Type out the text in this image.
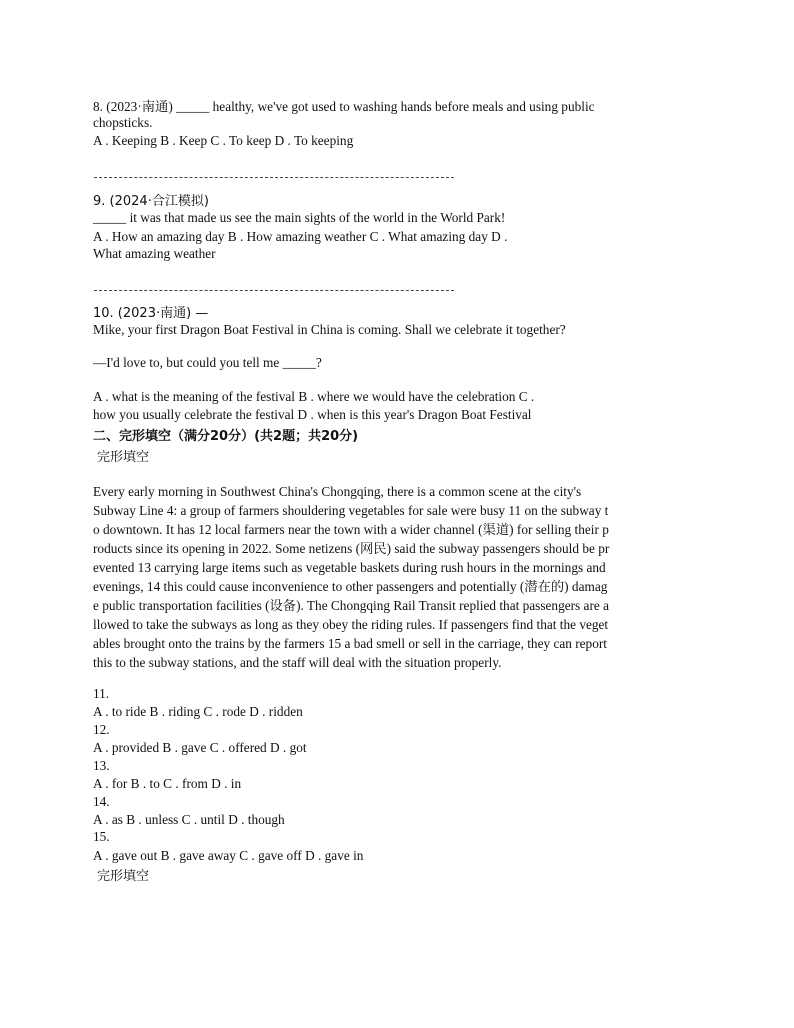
8. (2023·南通) _____ healthy, we've got used to washing hands before meals and using public
chopsticks.
A . Keeping B . Keep C . To keep D . To keeping
9. (2024·合江模拟)
_____ it was that made us see the main sights of the world in the World Park!
A . How an amazing day B . How amazing weather C . What amazing day D .
What amazing weather
10. (2023·南通) —
Mike, your first Dragon Boat Festival in China is coming. Shall we celebrate it together?
—I'd love to, but could you tell me _____?
A . what is the meaning of the festival B . where we would have the celebration C .
how you usually celebrate the festival D . when is this year's Dragon Boat Festival
二、完形填空（满分20分）(共2题；共20分)
完形填空
Every early morning in Southwest China's Chongqing, there is a common scene at the city's
Subway Line 4: a group of farmers shouldering vegetables for sale were busy 11 on the subway t
o downtown. It has 12 local farmers near the town with a wider channel (渠道) for selling their p
roducts since its opening in 2022. Some netizens (网民) said the subway passengers should be pr
evented 13 carrying large items such as vegetable baskets during rush hours in the mornings and
evenings, 14 this could cause inconvenience to other passengers and potentially (潜在的) damag
e public transportation facilities (设备). The Chongqing Rail Transit replied that passengers are a
llowed to take the subways as long as they obey the riding rules. If passengers find that the veget
ables brought onto the trains by the farmers 15 a bad smell or sell in the carriage, they can report
this to the subway stations, and the staff will deal with the situation properly.
11.
A . to ride B . riding C . rode D . ridden
12.
A . provided B . gave C . offered D . got
13.
A . for B . to C . from D . in
14.
A . as B . unless C . until D . though
15.
A . gave out B . gave away C . gave off D . gave in
完形填空
